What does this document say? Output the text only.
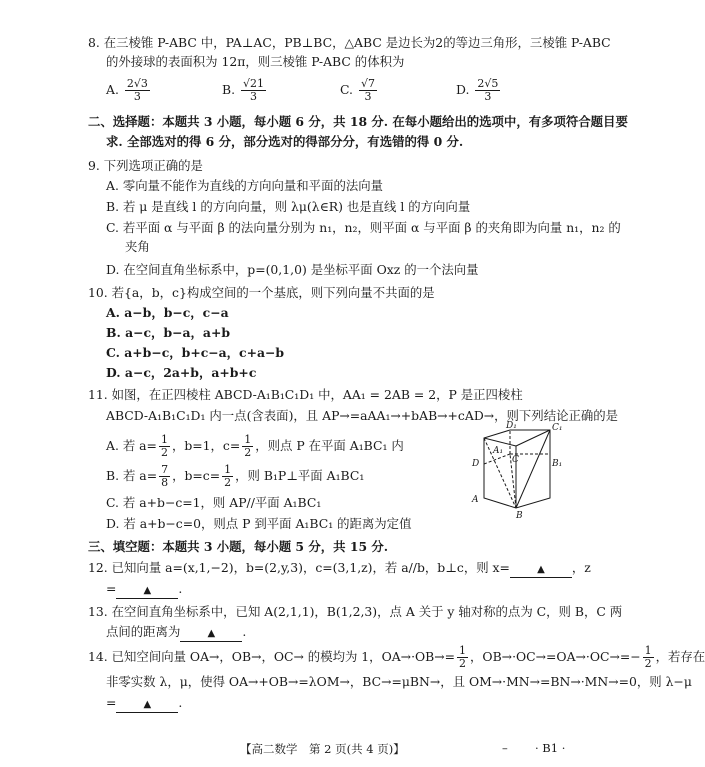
8. 在三棱锥 P-ABC 中，PA⊥AC，PB⊥BC，△ABC 是边长为2的等边三角形，三棱锥 P-ABC
的外接球的表面积为 12π，则三棱锥 P-ABC 的体积为
A. $\frac{2√3}{3}$	B. $\frac{√21}{3}$	C. $\frac{√7}{3}$	D. $\frac{2√5}{3}$
二、选择题：本题共 3 小题，每小题 6 分，共 18 分. 在每小题给出的选项中，有多项符合题目要
求. 全部选对的得 6 分，部分选对的得部分分，有选错的得 0 分.
9. 下列选项正确的是
A. 零向量不能作为直线的方向向量和平面的法向量
B. 若 μ 是直线 l 的方向向量，则 λμ(λ∈R) 也是直线 l 的方向向量
C. 若平面 α 与平面 β 的法向量分别为 n₁，n₂，则平面 α 与平面 β 的夹角即为向量 n₁，n₂ 的
夹角
D. 在空间直角坐标系中，p=(0,1,0) 是坐标平面 Oxz 的一个法向量
10. 若{a，b，c}构成空间的一个基底，则下列向量不共面的是
A. a−b，b−c，c−a
B. a−c，b−a，a+b
C. a+b−c，b+c−a，c+a−b
D. a−c，2a+b，a+b+c
11. 如图，在正四棱柱 ABCD-A₁B₁C₁D₁ 中，AA₁ = 2AB = 2，P 是正四棱柱
ABCD-A₁B₁C₁D₁ 内一点(含表面)，且 AP→=aAA₁→+bAB→+cAD→，则下列结论正确的是
A. 若 $a= \frac{1}{2}$ ，b=1，$c= \frac{1}{2}$ ，则点 P 在平面 A₁BC₁ 内
B. 若 $a= \frac{7}{8}$ ，$b=c= \frac{1}{2}$ ，则 B₁P⊥平面 A₁BC₁
C. 若 a+b−c=1，则 AP//平面 A₁BC₁
D. 若 a+b−c=0，则点 P 到平面 A₁BC₁ 的距离为定值
D₁	C₁
A₁
B₁
D	C
A
B
三、填空题：本题共 3 小题，每小题 5 分，共 15 分.
12. 已知向量 a=(x,1,−2)，b=(2,y,3)，c=(3,1,z)，若 a//b，b⊥c，则 x=	▲ ，z
=	▲ .
13. 在空间直角坐标系中，已知 A(2,1,1)，B(1,2,3)，点 A 关于 y 轴对称的点为 C，则 B，C 两
点间的距离为	▲ .
14. 已知空间向量 OA→，OB→，OC→ 的模均为 1，$OA\to\cdot OB\to= \frac{1}{2}$ ，$OB\to\cdot OC\to=OA\to\cdot OC\to=- \frac{1}{2}$ ，若存在
非零实数 λ，μ，使得 OA→+OB→=λOM→，BC→=μBN→，且 OM→·MN→=BN→·MN→=0，则 λ−μ
=	▲ .
【高二数学　第 2 页(共 4 页)】	– · B1 ·
